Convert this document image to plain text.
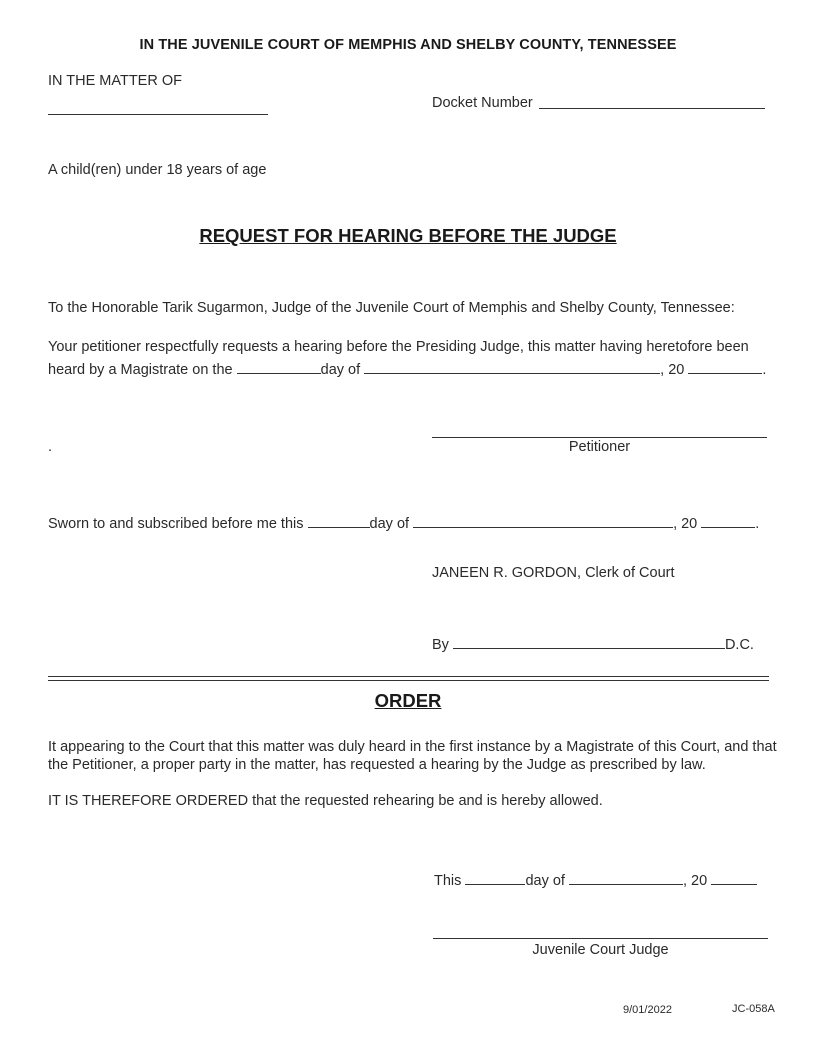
IN THE JUVENILE COURT OF MEMPHIS AND SHELBY COUNTY, TENNESSEE
IN THE MATTER OF
Docket Number
A child(ren) under 18 years of age
REQUEST FOR HEARING BEFORE THE JUDGE
To the Honorable Tarik Sugarmon, Judge of the Juvenile Court of Memphis and Shelby County, Tennessee:
Your petitioner respectfully requests a hearing before the Presiding Judge, this matter having heretofore been
heard by a Magistrate on the	day of	, 20	.
.	Petitioner
Sworn to and subscribed before me this	day of	, 20	.
JANEEN R. GORDON, Clerk of Court
By	D.C.
ORDER
It appearing to the Court that this matter was duly heard in the first instance by a Magistrate of this Court, and that
the Petitioner, a proper party in the matter, has requested a hearing by the Judge as prescribed by law.
IT IS THEREFORE ORDERED that the requested rehearing be and is hereby allowed.
This	day of	, 20
Juvenile Court Judge
9/01/2022	JC-058A
